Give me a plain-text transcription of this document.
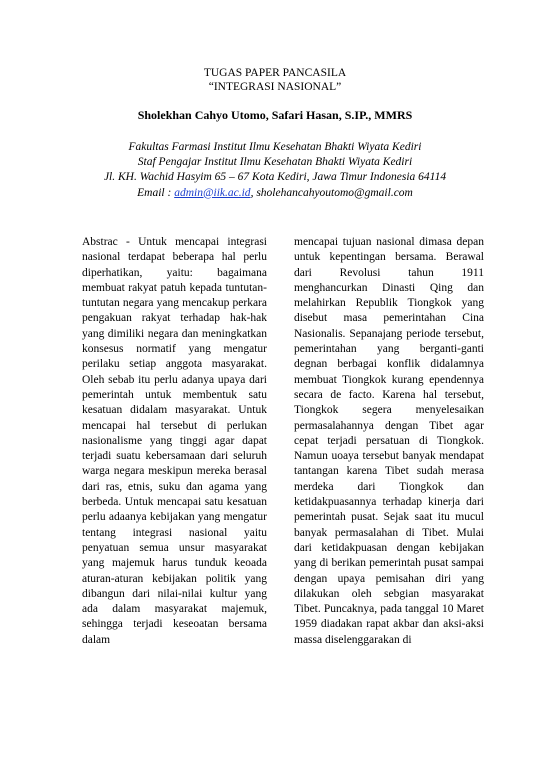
TUGAS PAPER PANCASILA
“INTEGRASI NASIONAL”
Sholekhan Cahyo Utomo, Safari Hasan, S.IP., MMRS
Fakultas Farmasi Institut Ilmu Kesehatan Bhakti Wiyata Kediri
Staf Pengajar Institut Ilmu Kesehatan Bhakti Wiyata Kediri
Jl. KH. Wachid Hasyim 65 – 67 Kota Kediri, Jawa Timur Indonesia 64114
Email : admin@iik.ac.id, sholehancahyoutomo@gmail.com

Abstrac - Untuk mencapai integrasi nasional terdapat beberapa hal perlu diperhatikan, yaitu: bagaimana membuat rakyat patuh kepada tuntutan-tuntutan negara yang mencakup perkara pengakuan rakyat terhadap hak-hak yang dimiliki negara dan meningkatkan konsesus normatif yang mengatur perilaku setiap anggota masyarakat. Oleh sebab itu perlu adanya upaya dari pemerintah untuk membentuk satu kesatuan didalam masyarakat. Untuk mencapai hal tersebut di perlukan nasionalisme yang tinggi agar dapat terjadi suatu kebersamaan dari seluruh warga negara meskipun mereka berasal dari ras, etnis, suku dan agama yang berbeda. Untuk mencapai satu kesatuan perlu adaanya kebijakan yang mengatur tentang integrasi nasional yaitu penyatuan semua unsur masyarakat yang majemuk harus tunduk keoada aturan-aturan kebijakan politik yang dibangun dari nilai-nilai kultur yang ada dalam masyarakat majemuk, sehingga terjadi keseoatan bersama dalam

mencapai tujuan nasional dimasa depan untuk kepentingan bersama. Berawal dari Revolusi tahun 1911 menghancurkan Dinasti Qing dan melahirkan Republik Tiongkok yang disebut masa pemerintahan Cina Nasionalis. Sepanajang periode tersebut, pemerintahan yang berganti-ganti degnan berbagai konflik didalamnya membuat Tiongkok kurang ependennya secara de facto. Karena hal tersebut, Tiongkok segera menyelesaikan permasalahannya dengan Tibet agar cepat terjadi persatuan di Tiongkok. Namun uoaya tersebut banyak mendapat tantangan karena Tibet sudah merasa merdeka dari Tiongkok dan ketidakpuasannya terhadap kinerja dari pemerintah pusat. Sejak saat itu mucul banyak permasalahan di Tibet. Mulai dari ketidakpuasan dengan kebijakan yang di berikan pemerintah pusat sampai dengan upaya pemisahan diri yang dilakukan oleh sebgian masyarakat Tibet. Puncaknya, pada tanggal 10 Maret 1959 diadakan rapat akbar dan aksi-aksi massa diselenggarakan di
